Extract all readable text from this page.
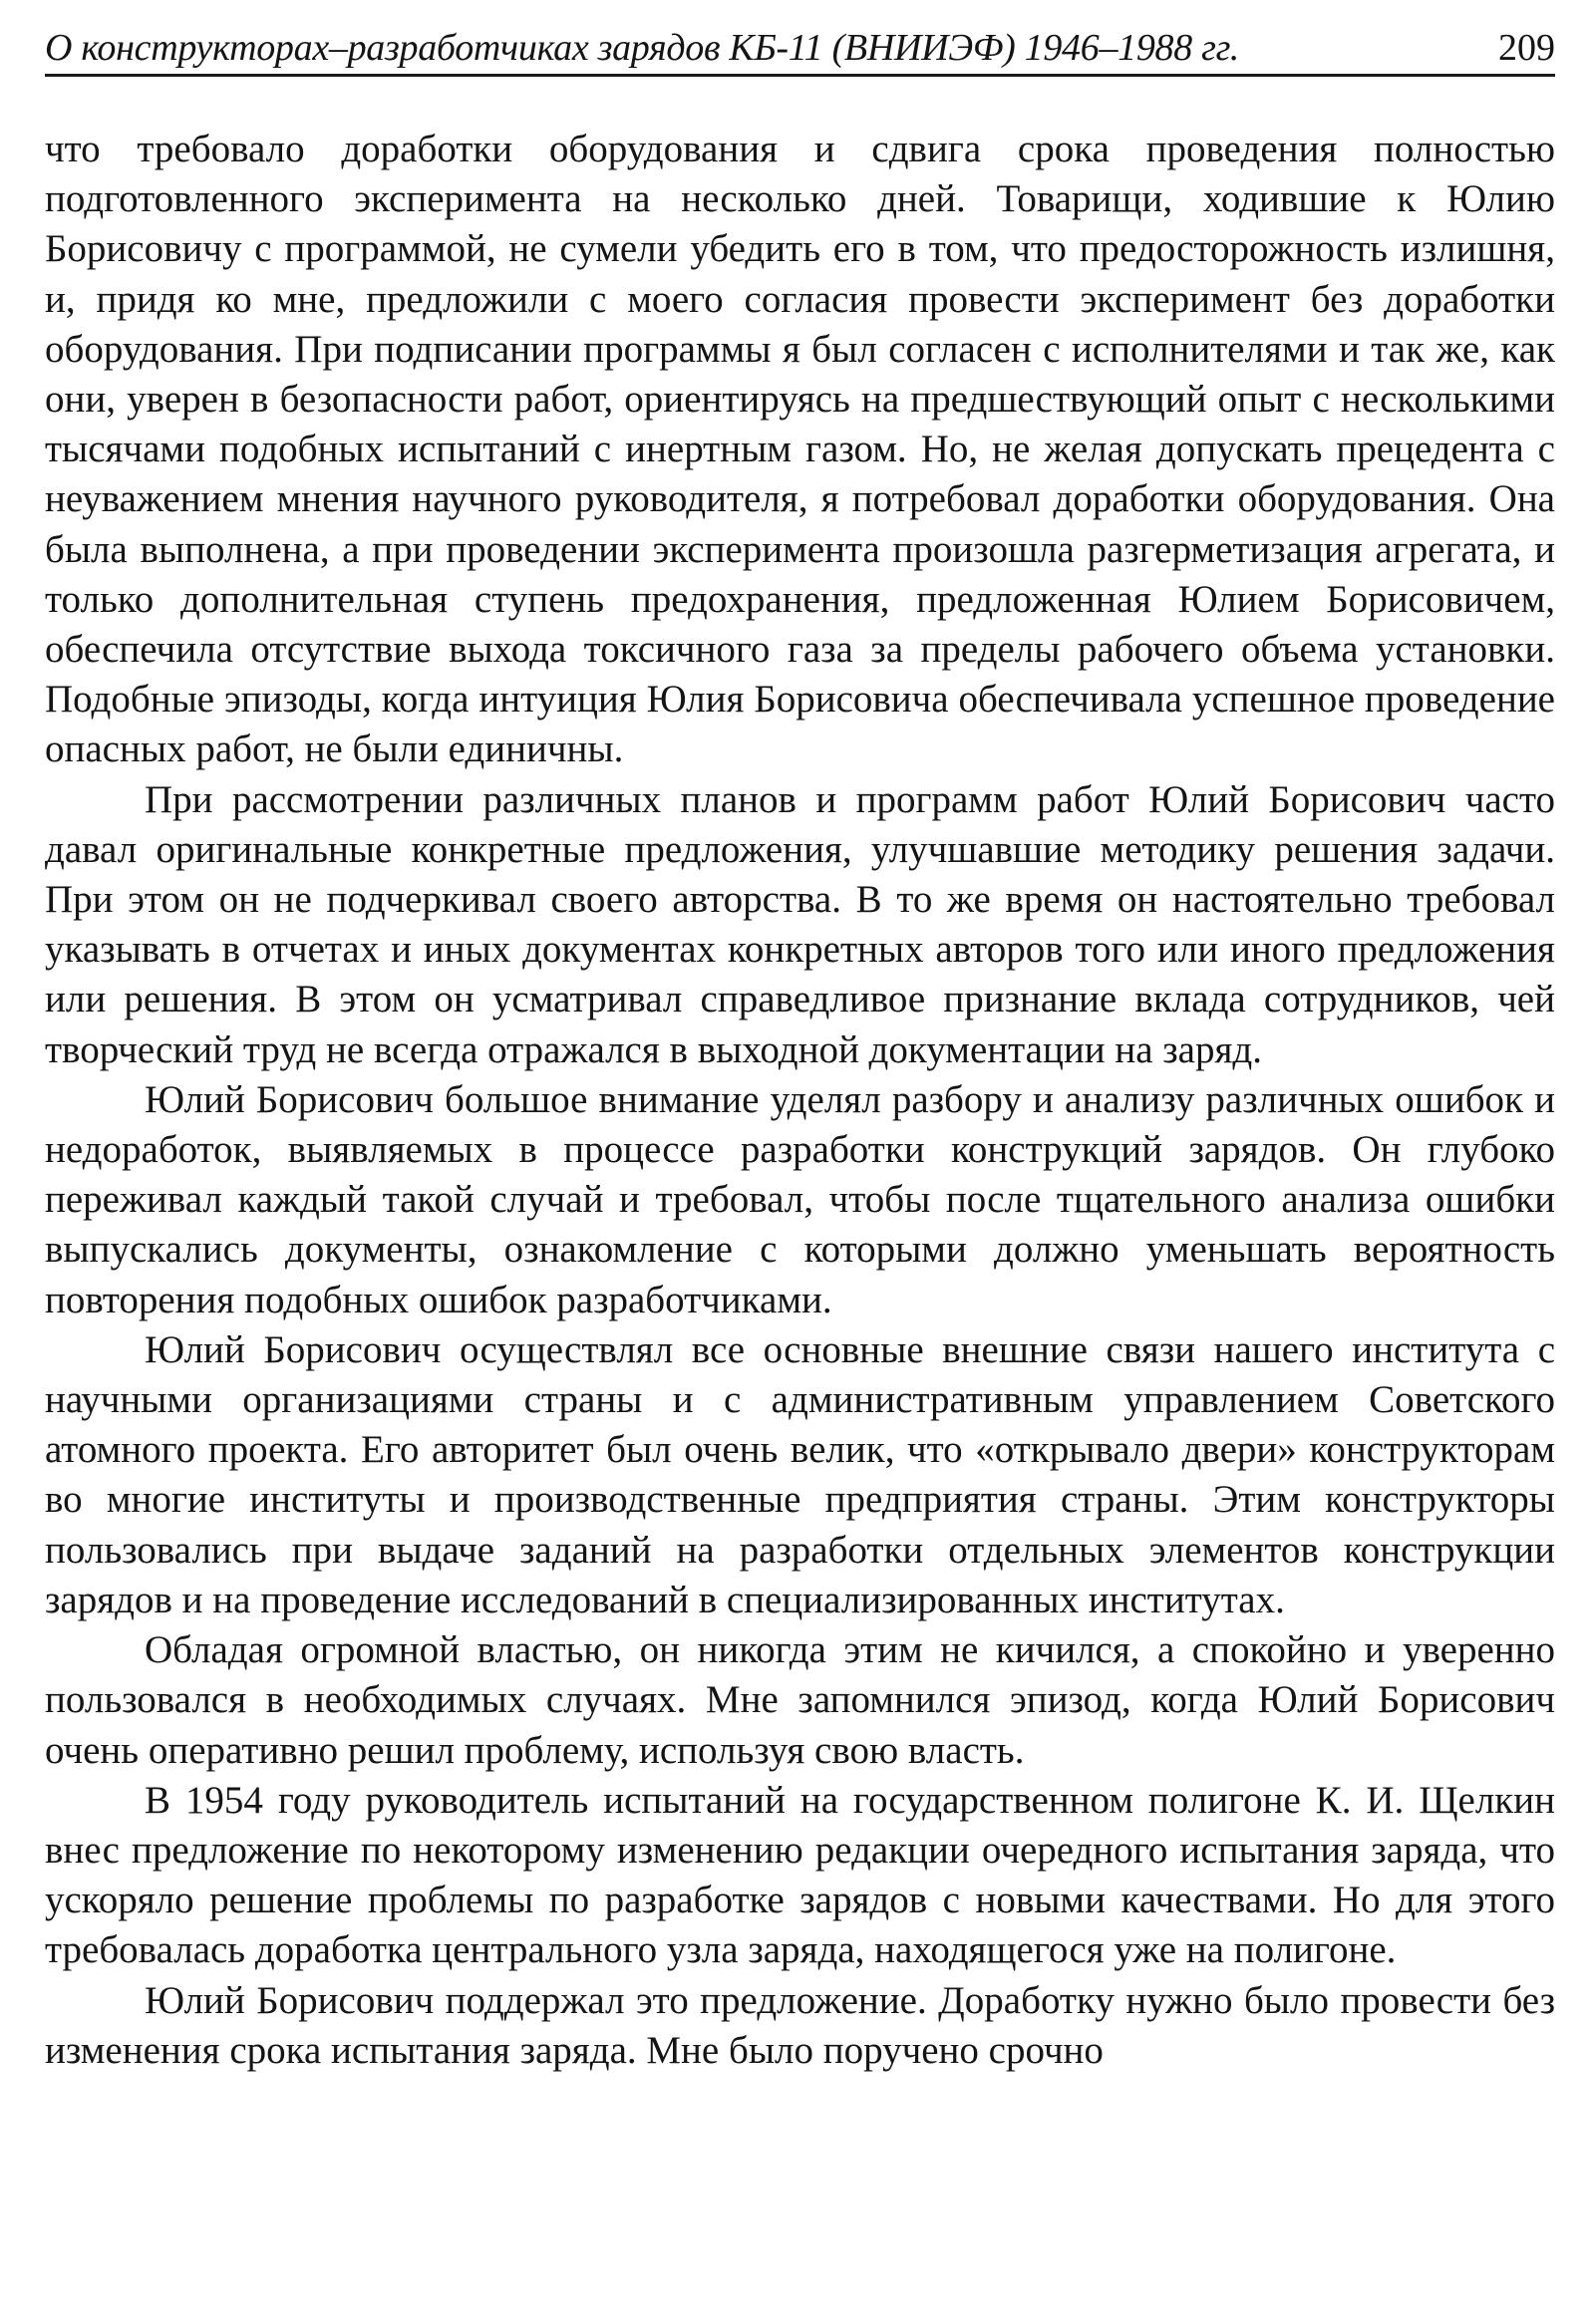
О конструкторах–разработчиках зарядов КБ-11 (ВНИИЭФ) 1946–1988 гг.	209

что требовало доработки оборудования и сдвига срока проведения полностью подготовленного эксперимента на несколько дней. Товарищи, ходившие к Юлию Борисовичу с программой, не сумели убедить его в том, что предосторожность излишня, и, придя ко мне, предложили с моего согласия провести эксперимент без доработки оборудования. При подписании программы я был согласен с исполнителями и так же, как они, уверен в безопасности работ, ориентируясь на предшествующий опыт с несколькими тысячами подобных испытаний с инертным газом. Но, не желая допускать прецедента с неуважением мнения научного руководителя, я потребовал доработки оборудования. Она была выполнена, а при проведении эксперимента произошла разгерметизация агрегата, и только дополнительная ступень предохранения, предложенная Юлием Борисовичем, обеспечила отсутствие выхода токсичного газа за пределы рабочего объема установки. Подобные эпизоды, когда интуиция Юлия Борисовича обеспечивала успешное проведение опасных работ, не были единичны.

При рассмотрении различных планов и программ работ Юлий Борисович часто давал оригинальные конкретные предложения, улучшавшие методику решения задачи. При этом он не подчеркивал своего авторства. В то же время он настоятельно требовал указывать в отчетах и иных документах конкретных авторов того или иного предложения или решения. В этом он усматривал справедливое признание вклада сотрудников, чей творческий труд не всегда отражался в выходной документации на заряд.

Юлий Борисович большое внимание уделял разбору и анализу различных ошибок и недоработок, выявляемых в процессе разработки конструкций зарядов. Он глубоко переживал каждый такой случай и требовал, чтобы после тщательного анализа ошибки выпускались документы, ознакомление с которыми должно уменьшать вероятность повторения подобных ошибок разработчиками.

Юлий Борисович осуществлял все основные внешние связи нашего института с научными организациями страны и с административным управлением Советского атомного проекта. Его авторитет был очень велик, что «открывало двери» конструкторам во многие институты и производственные предприятия страны. Этим конструкторы пользовались при выдаче заданий на разработки отдельных элементов конструкции зарядов и на проведение исследований в специализированных институтах.

Обладая огромной властью, он никогда этим не кичился, а спокойно и уверенно пользовался в необходимых случаях. Мне запомнился эпизод, когда Юлий Борисович очень оперативно решил проблему, используя свою власть.

В 1954 году руководитель испытаний на государственном полигоне К. И. Щелкин внес предложение по некоторому изменению редакции очередного испытания заряда, что ускоряло решение проблемы по разработке зарядов с новыми качествами. Но для этого требовалась доработка центрального узла заряда, находящегося уже на полигоне.

Юлий Борисович поддержал это предложение. Доработку нужно было провести без изменения срока испытания заряда. Мне было поручено срочно
